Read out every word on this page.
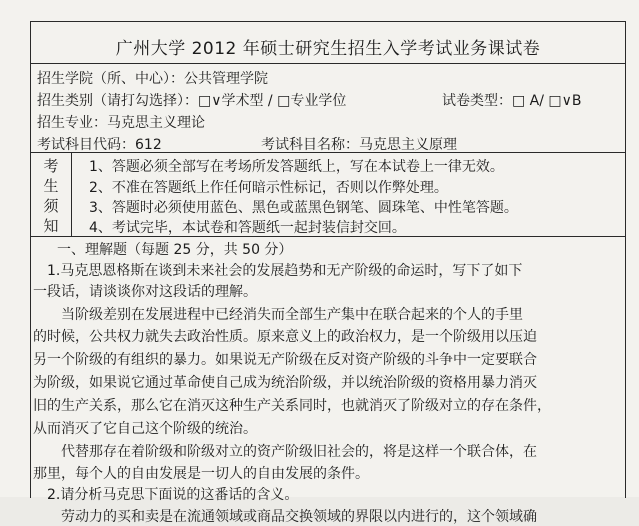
广州大学 2012 年硕士研究生招生入学考试业务课试卷
招生学院（所、中心）：公共管理学院
招生类别（请打勾选择）：□∨学术型 / □专业学位	试卷类型：□ A/ □∨B
招生专业：马克思主义理论
考试科目代码：612	考试科目名称：马克思主义原理
考
生
须
知
1、答题必须全部写在考场所发答题纸上，写在本试卷上一律无效。
2、不准在答题纸上作任何暗示性标记，否则以作弊处理。
3、答题时必须使用蓝色、黑色或蓝黑色钢笔、圆珠笔、中性笔答题。
4、考试完毕，本试卷和答题纸一起封装信封交回。
一、理解题（每题 25 分，共 50 分）
1.马克思恩格斯在谈到未来社会的发展趋势和无产阶级的命运时，写下了如下
一段话，请谈谈你对这段话的理解。
当阶级差别在发展进程中已经消失而全部生产集中在联合起来的个人的手里
的时候，公共权力就失去政治性质。原来意义上的政治权力，是一个阶级用以压迫
另一个阶级的有组织的暴力。如果说无产阶级在反对资产阶级的斗争中一定要联合
为阶级，如果说它通过革命使自己成为统治阶级，并以统治阶级的资格用暴力消灭
旧的生产关系，那么它在消灭这种生产关系同时，也就消灭了阶级对立的存在条件，
从而消灭了它自己这个阶级的统治。
代替那存在着阶级和阶级对立的资产阶级旧社会的，将是这样一个联合体，在
那里，每个人的自由发展是一切人的自由发展的条件。
2.请分析马克思下面说的这番话的含义。
劳动力的买和卖是在流通领域或商品交换领域的界限以内进行的，这个领域确
